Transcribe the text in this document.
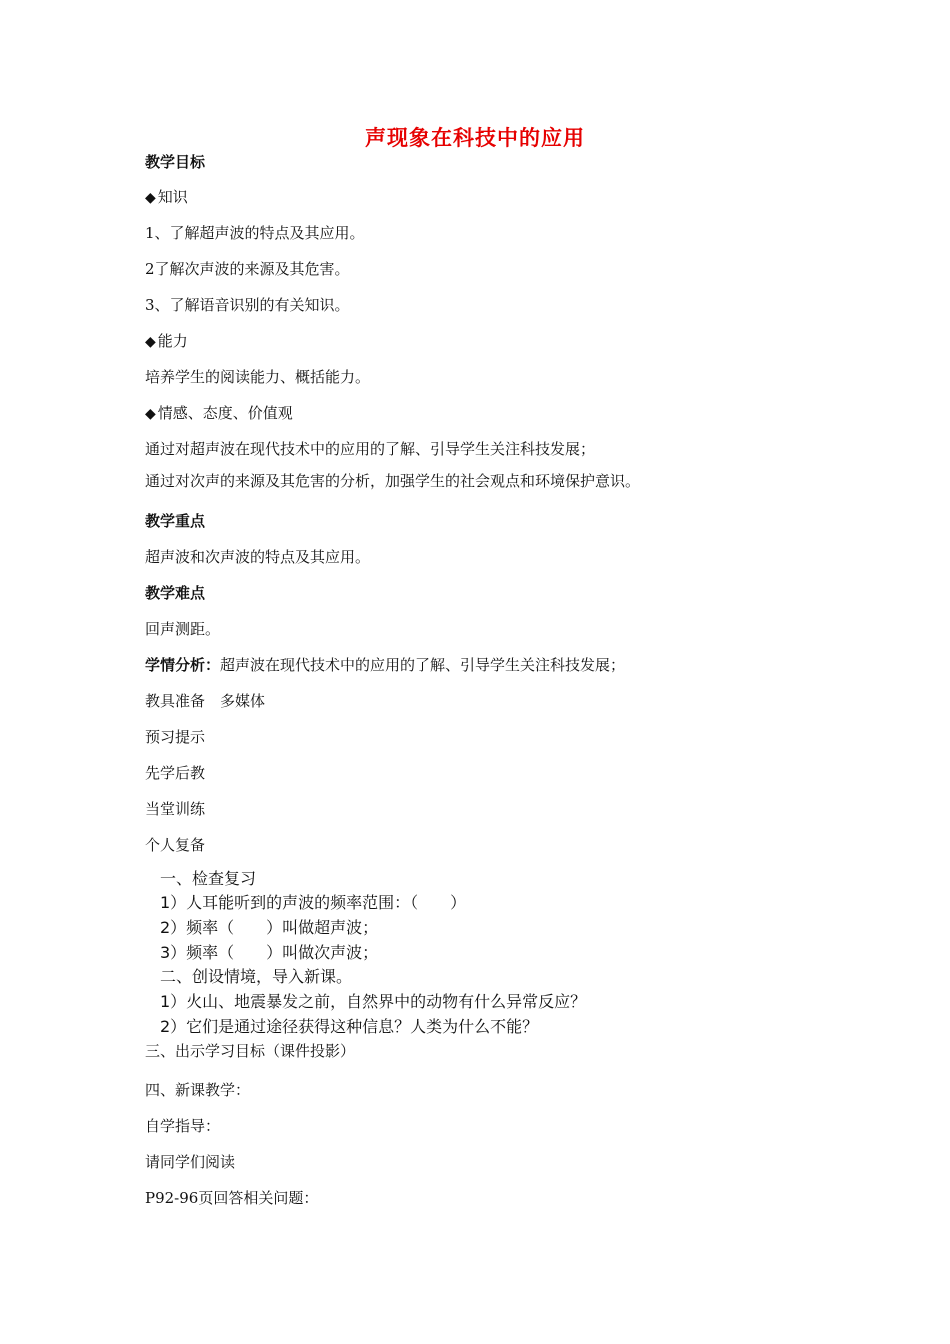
声现象在科技中的应用
教学目标
◆ 知识
1、了解超声波的特点及其应用。
2了解次声波的来源及其危害。
3、了解语音识别的有关知识。
◆ 能力
培养学生的阅读能力、概括能力。
◆ 情感、态度、价值观
通过对超声波在现代技术中的应用的了解、引导学生关注科技发展；
通过对次声的来源及其危害的分析，加强学生的社会观点和环境保护意识。
教学重点
超声波和次声波的特点及其应用。
教学难点
回声测距。
学情分析：超声波在现代技术中的应用的了解、引导学生关注科技发展；
教具准备　多媒体
预习提示
先学后教
当堂训练
个人复备
一、检查复习
1）人耳能听到的声波的频率范围：（　　）
2）频率（　　）叫做超声波；
3）频率（　　）叫做次声波；
二、创设情境，导入新课。
1）火山、地震暴发之前，自然界中的动物有什么异常反应？
2）它们是通过途径获得这种信息？人类为什么不能？
三、出示学习目标（课件投影）
四、新课教学：
自学指导：
请同学们阅读
P92-96页回答相关问题：
